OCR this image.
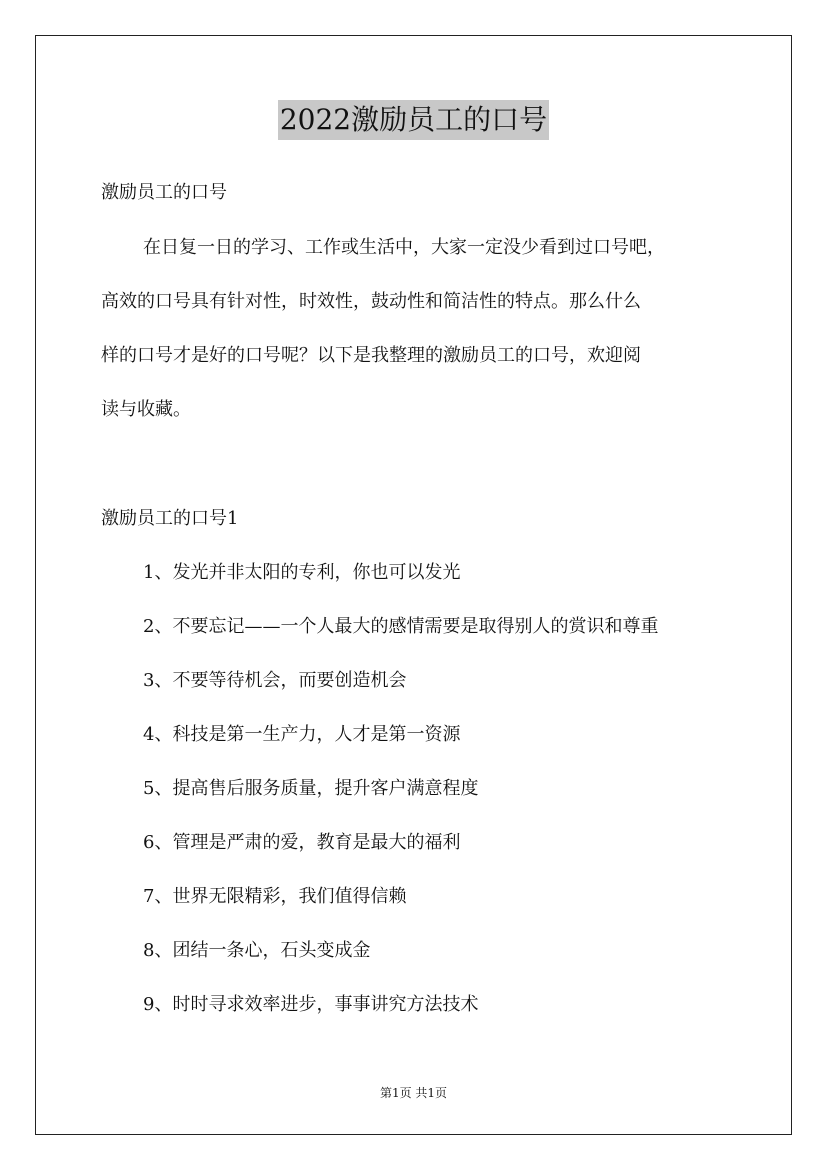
2022激励员工的口号
激励员工的口号
在日复一日的学习、工作或生活中，大家一定没少看到过口号吧，
高效的口号具有针对性，时效性，鼓动性和简洁性的特点。那么什么
样的口号才是好的口号呢？以下是我整理的激励员工的口号，欢迎阅
读与收藏。
激励员工的口号1
1、发光并非太阳的专利，你也可以发光
2、不要忘记——一个人最大的感情需要是取得别人的赏识和尊重
3、不要等待机会，而要创造机会
4、科技是第一生产力，人才是第一资源
5、提高售后服务质量，提升客户满意程度
6、管理是严肃的爱，教育是最大的福利
7、世界无限精彩，我们值得信赖
8、团结一条心，石头变成金
9、时时寻求效率进步，事事讲究方法技术
第1页 共1页
